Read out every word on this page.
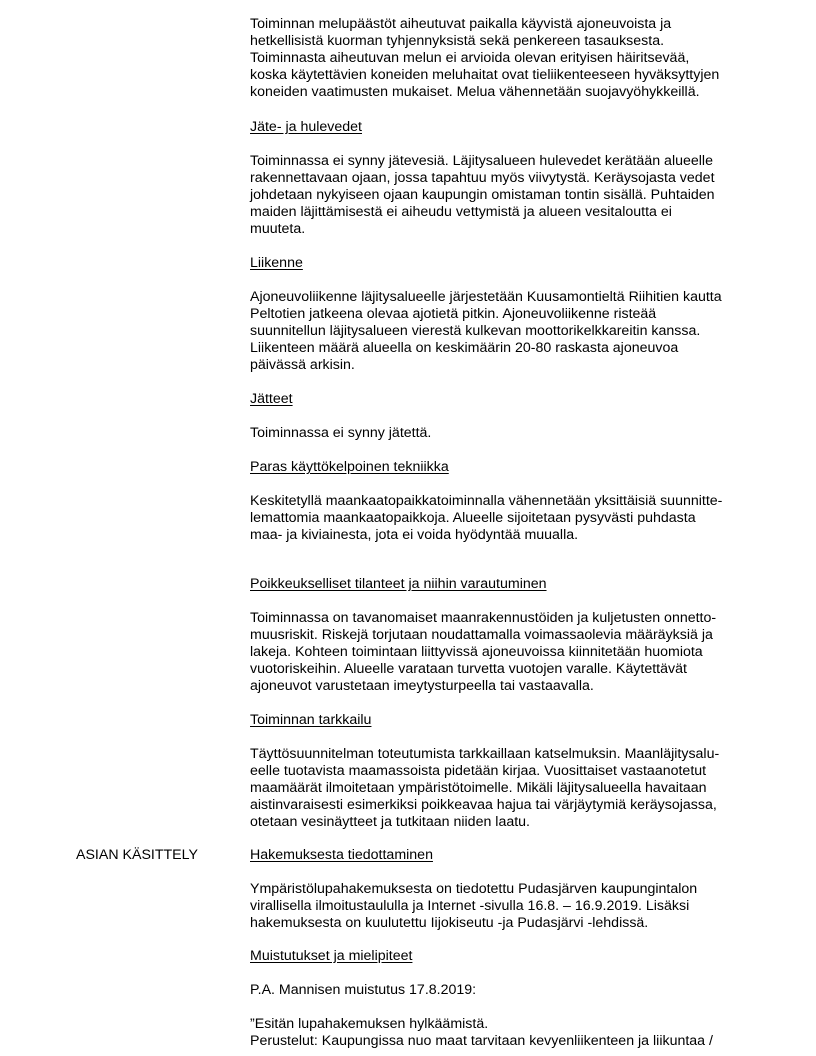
Toiminnan melupäästöt aiheutuvat paikalla käyvistä ajoneuvoista ja
hetkellisistä kuorman tyhjennyksistä sekä penkereen tasauksesta.
Toiminnasta aiheutuvan melun ei arvioida olevan erityisen häiritsevää,
koska käytettävien koneiden meluhaitat ovat tieliikenteeseen hyväksyttyjen
koneiden vaatimusten mukaiset. Melua vähennetään suojavyöhykkeillä.
Jäte- ja hulevedet
Toiminnassa ei synny jätevesiä. Läjitysalueen hulevedet kerätään alueelle
rakennettavaan ojaan, jossa tapahtuu myös viivytystä. Keräysojasta vedet
johdetaan nykyiseen ojaan kaupungin omistaman tontin sisällä. Puhtaiden
maiden läjittämisestä ei aiheudu vettymistä ja alueen vesitaloutta ei
muuteta.
Liikenne
Ajoneuvoliikenne läjitysalueelle järjestetään Kuusamontieltä Riihitien kautta
Peltotien jatkeena olevaa ajotietä pitkin. Ajoneuvoliikenne risteää
suunnitellun läjitysalueen vierestä kulkevan moottorikelkkareitin kanssa.
Liikenteen määrä alueella on keskimäärin 20-80 raskasta ajoneuvoa
päivässä arkisin.
Jätteet
Toiminnassa ei synny jätettä.
Paras käyttökelpoinen tekniikka
Keskitetyllä maankaatopaikkatoiminnalla vähennetään yksittäisiä suunnitte-
lemattomia maankaatopaikkoja. Alueelle sijoitetaan pysyvästi puhdasta
maa- ja kiviainesta, jota ei voida hyödyntää muualla.
Poikkeukselliset tilanteet ja niihin varautuminen
Toiminnassa on tavanomaiset maanrakennustöiden ja kuljetusten onnetto-
muusriskit. Riskejä torjutaan noudattamalla voimassaolevia määräyksiä ja
lakeja. Kohteen toimintaan liittyvissä ajoneuvoissa kiinnitetään huomiota
vuotoriskeihin. Alueelle varataan turvetta vuotojen varalle. Käytettävät
ajoneuvot varustetaan imeytysturpeella tai vastaavalla.
Toiminnan tarkkailu
Täyttösuunnitelman toteutumista tarkkaillaan katselmuksin. Maanläjitysalu-
eelle tuotavista maamassoista pidetään kirjaa. Vuosittaiset vastaanotetut
maamäärät ilmoitetaan ympäristötoimelle. Mikäli läjitysalueella havaitaan
aistinvaraisesti esimerkiksi poikkeavaa hajua tai värjäytymiä keräysojassa,
otetaan vesinäytteet ja tutkitaan niiden laatu.
ASIAN KÄSITTELY	Hakemuksesta tiedottaminen
Ympäristölupahakemuksesta on tiedotettu Pudasjärven kaupungintalon
virallisella ilmoitustaululla ja Internet -sivulla 16.8. – 16.9.2019. Lisäksi
hakemuksesta on kuulutettu Iijokiseutu -ja Pudasjärvi -lehdissä.
Muistutukset ja mielipiteet
P.A. Mannisen muistutus 17.8.2019:
”Esitän lupahakemuksen hylkäämistä.
Perustelut: Kaupungissa nuo maat tarvitaan kevyenliikenteen ja liikuntaa /
